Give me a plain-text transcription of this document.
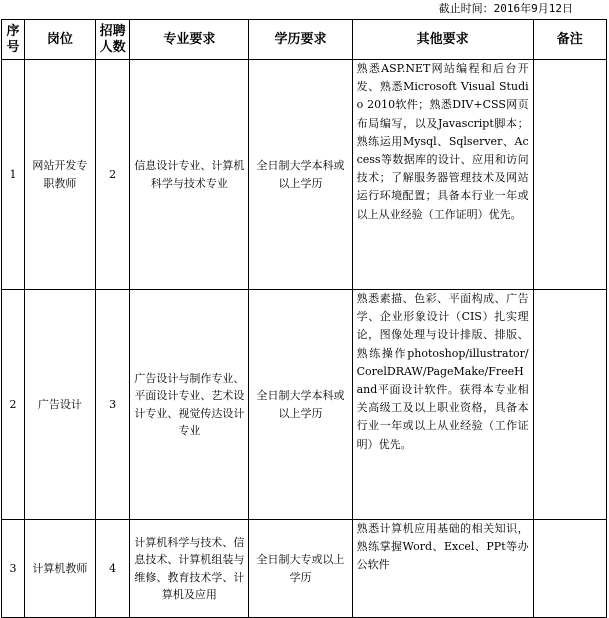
截止时间：2016年9月12日
序号	岗位	招聘人数	专业要求	学历要求	其他要求	备注
1	网站开发专职教师	2	信息设计专业、计算机科学与技术专业	全日制大学本科或以上学历	熟悉ASP.NET网站编程和后台开发、熟悉Microsoft Visual Studio 2010软件；熟悉DIV+CSS网页布局编写，以及Javascript脚本；熟练运用Mysql、Sqlserver、Access等数据库的设计、应用和访问技术；了解服务器管理技术及网站运行环境配置；具备本行业一年或以上从业经验（工作证明）优先。	
2	广告设计	3	广告设计与制作专业、平面设计专业、艺术设计专业、视觉传达设计专业	全日制大学本科或以上学历	熟悉素描、色彩、平面构成、广告学、企业形象设计（CIS）扎实理论，图像处理与设计排版、排版、熟练操作photoshop/illustrator/CorelDRAW/PageMake/FreeHand平面设计软件。获得本专业相关高级工及以上职业资格，具备本行业一年或以上从业经验（工作证明）优先。	
3	计算机教师	4	计算机科学与技术、信息技术、计算机组装与维修、教育技术学、计算机及应用	全日制大专或以上学历	熟悉计算机应用基础的相关知识，熟练掌握Word、Excel、PPt等办公软件	
